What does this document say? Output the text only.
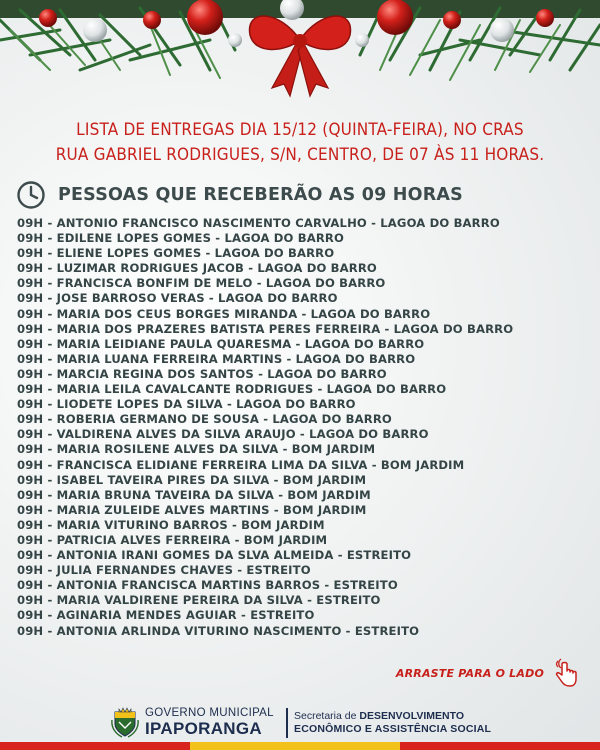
LISTA DE ENTREGAS DIA 15/12 (QUINTA-FEIRA), NO CRAS
RUA GABRIEL RODRIGUES, S/N, CENTRO, DE 07 ÀS 11 HORAS.
PESSOAS QUE RECEBERÃO AS 09 HORAS
09H - ANTONIO FRANCISCO NASCIMENTO CARVALHO - LAGOA DO BARRO
09H - EDILENE LOPES GOMES - LAGOA DO BARRO
09H - ELIENE LOPES GOMES - LAGOA DO BARRO
09H - LUZIMAR RODRIGUES JACOB - LAGOA DO BARRO
09H - FRANCISCA BONFIM DE MELO - LAGOA DO BARRO
09H - JOSE BARROSO VERAS - LAGOA DO BARRO
09H - MARIA DOS CEUS BORGES MIRANDA - LAGOA DO BARRO
09H - MARIA DOS PRAZERES BATISTA PERES FERREIRA - LAGOA DO BARRO
09H - MARIA LEIDIANE PAULA QUARESMA - LAGOA DO BARRO
09H - MARIA LUANA FERREIRA MARTINS - LAGOA DO BARRO
09H - MARCIA REGINA DOS SANTOS - LAGOA DO BARRO
09H - MARIA LEILA CAVALCANTE RODRIGUES - LAGOA DO BARRO
09H - LIODETE LOPES DA SILVA - LAGOA DO BARRO
09H - ROBERIA GERMANO DE SOUSA - LAGOA DO BARRO
09H - VALDIRENA ALVES DA SILVA ARAUJO - LAGOA DO BARRO
09H - MARIA ROSILENE ALVES DA SILVA - BOM JARDIM
09H - FRANCISCA ELIDIANE FERREIRA LIMA DA SILVA - BOM JARDIM
09H - ISABEL TAVEIRA PIRES DA SILVA - BOM JARDIM
09H - MARIA BRUNA TAVEIRA DA SILVA - BOM JARDIM
09H - MARIA ZULEIDE ALVES MARTINS - BOM JARDIM
09H - MARIA VITURINO BARROS - BOM JARDIM
09H - PATRICIA ALVES FERREIRA - BOM JARDIM
09H - ANTONIA IRANI GOMES DA SLVA ALMEIDA - ESTREITO
09H - JULIA FERNANDES CHAVES - ESTREITO
09H - ANTONIA FRANCISCA MARTINS BARROS - ESTREITO
09H - MARIA VALDIRENE PEREIRA DA SILVA - ESTREITO
09H - AGINARIA MENDES AGUIAR - ESTREITO
09H - ANTONIA ARLINDA VITURINO NASCIMENTO - ESTREITO
ARRASTE PARA O LADO
GOVERNO MUNICIPAL
IPAPORANGA
Secretaria de DESENVOLVIMENTO
ECONÔMICO E ASSISTÊNCIA SOCIAL
